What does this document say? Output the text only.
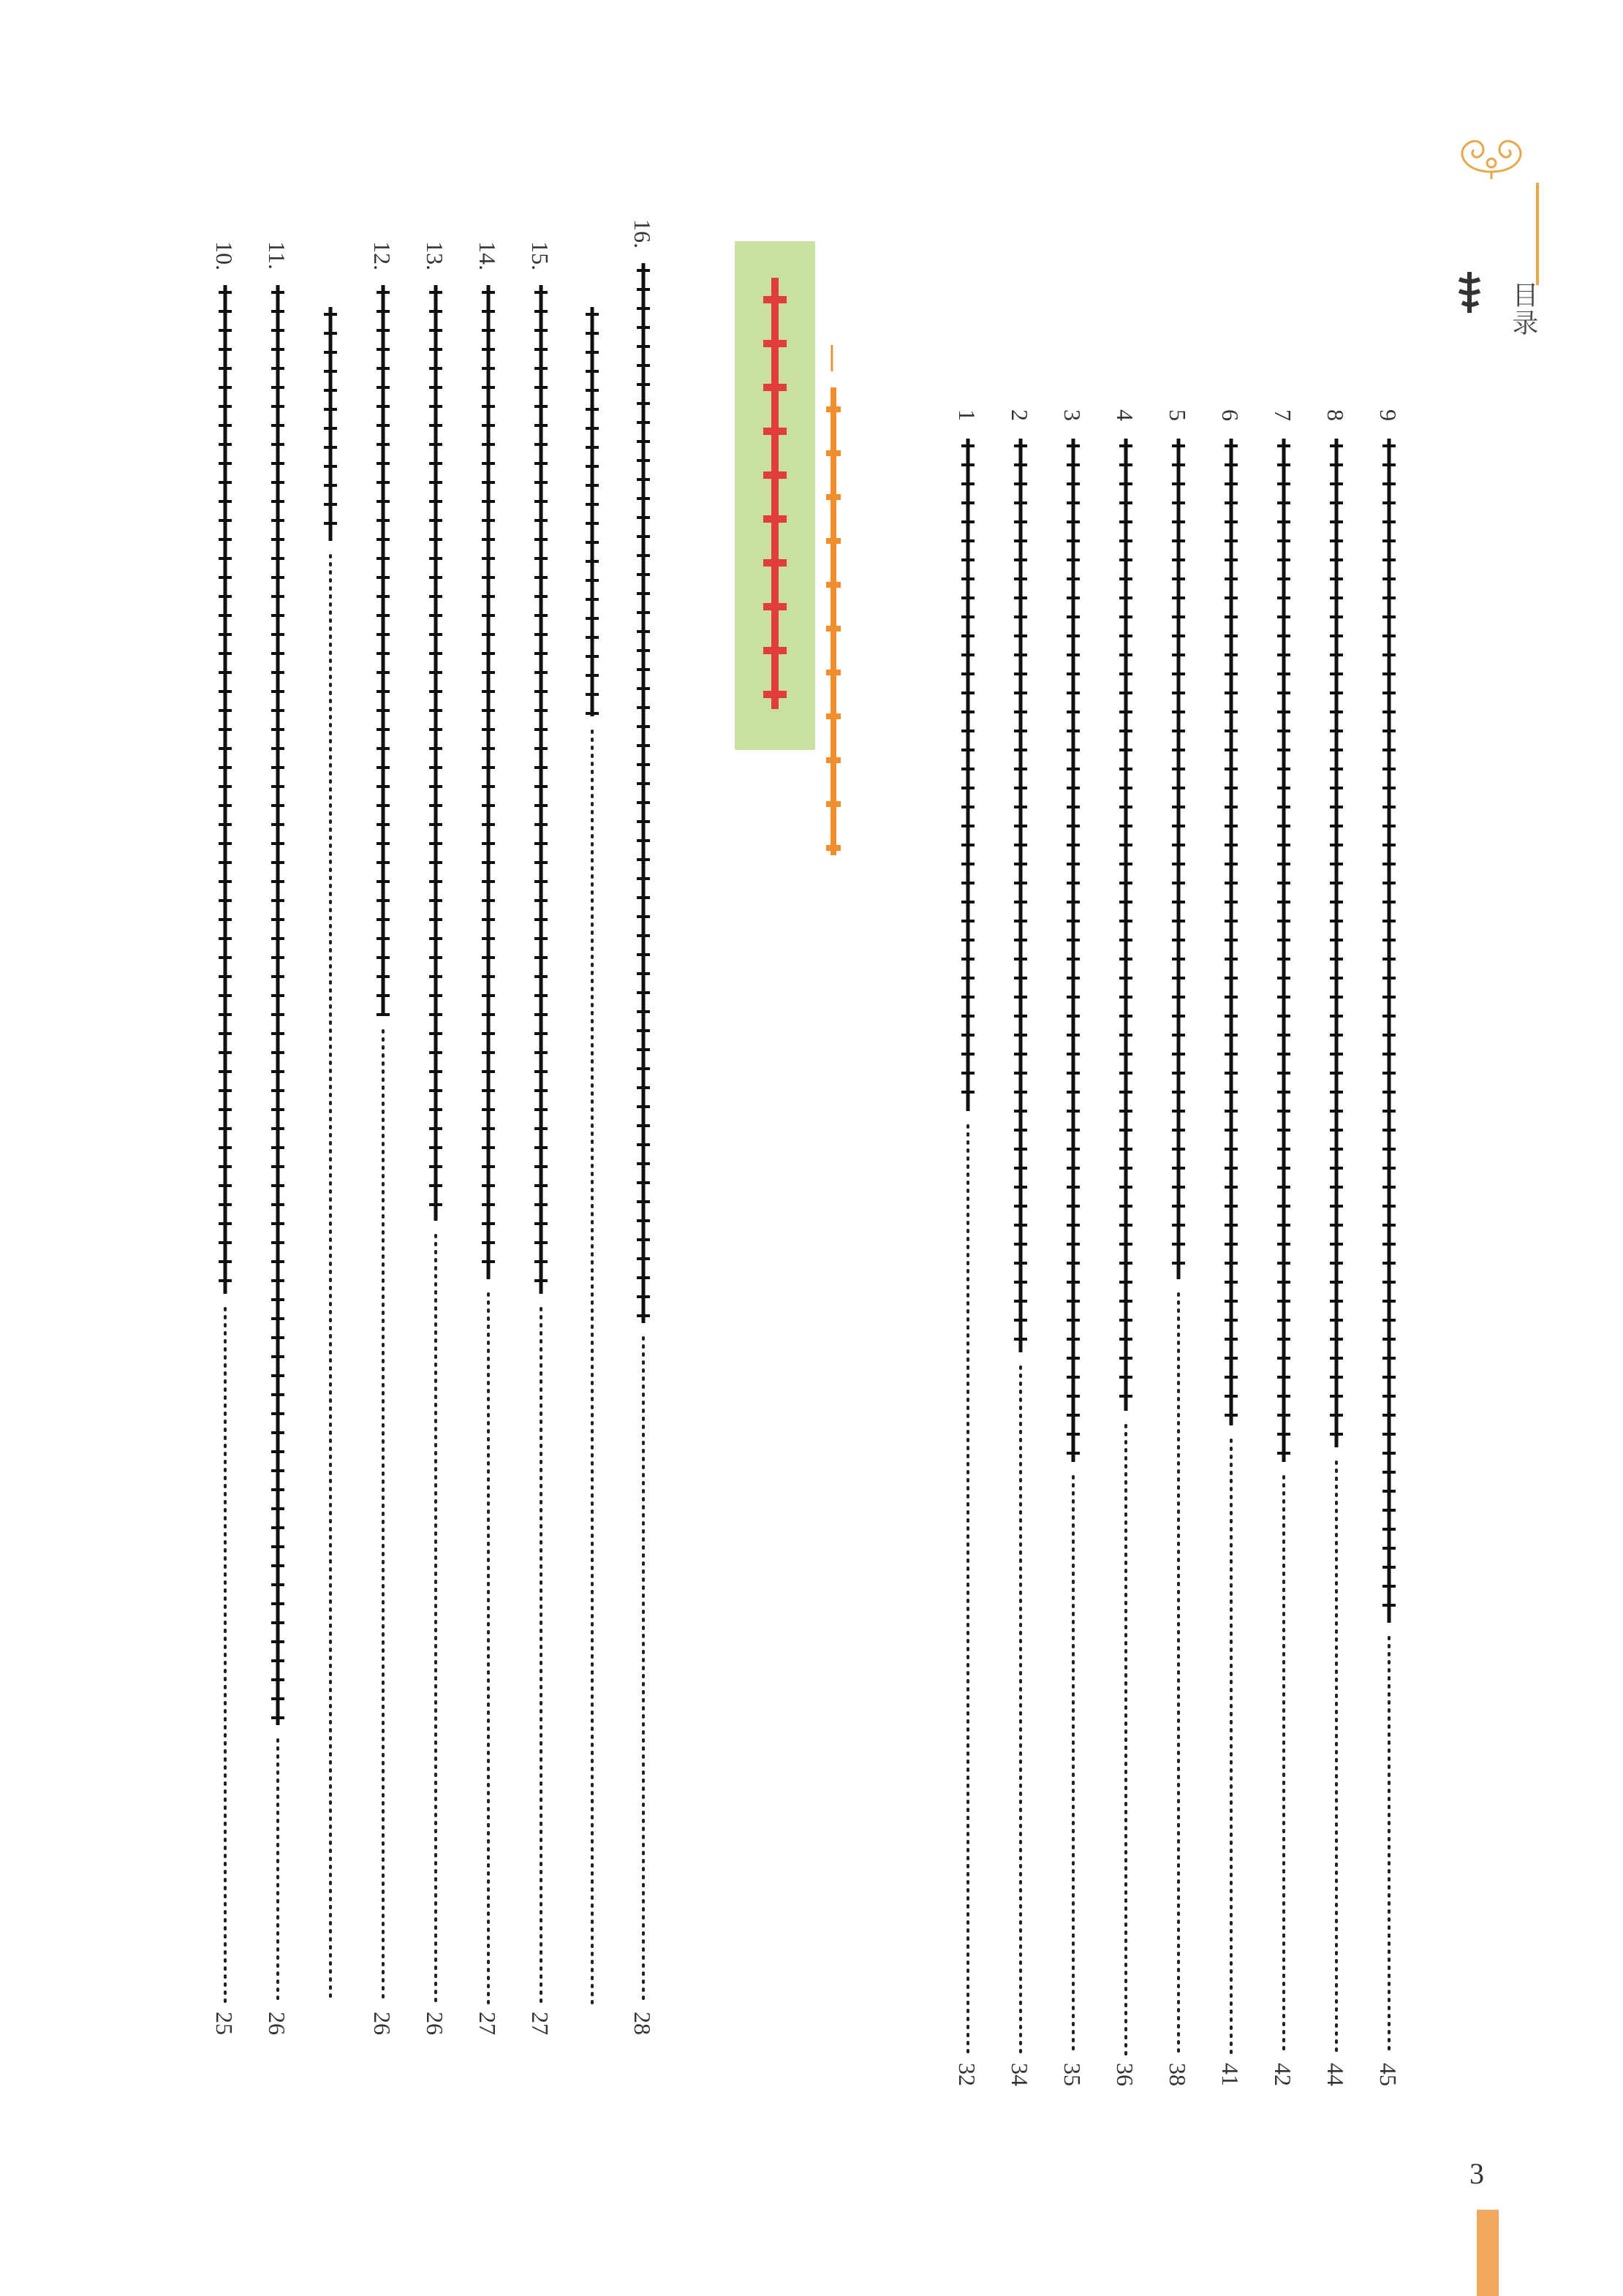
目录
9
45
8
44
7
42
6
41
5
38
4
36
3
35
2
34
1
32
—
16.
28
15.
27
14.
27
13.
26
12.
26
11.
26
10.
25
3
